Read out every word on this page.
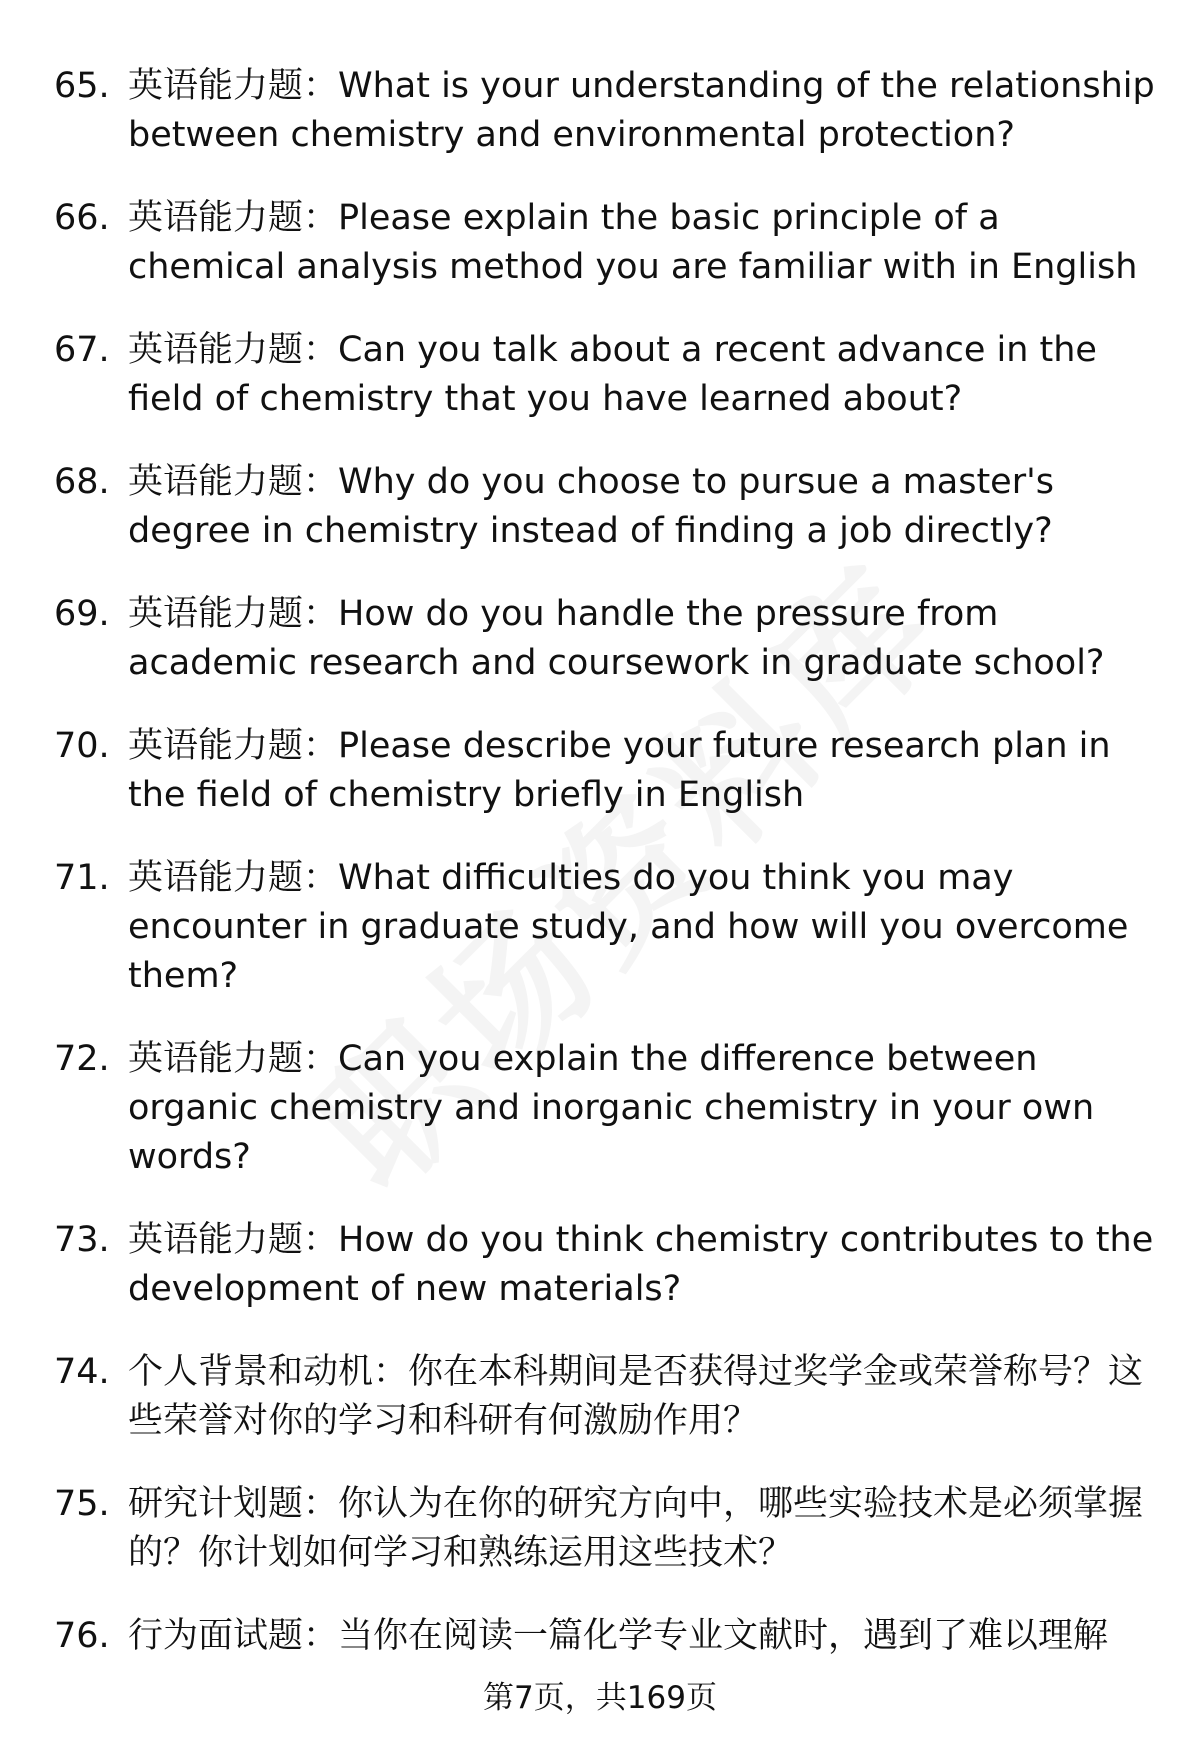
65. 英语能力题：What is your understanding of the relationship between chemistry and environmental protection?
66. 英语能力题：Please explain the basic principle of a chemical analysis method you are familiar with in English
67. 英语能力题：Can you talk about a recent advance in the field of chemistry that you have learned about?
68. 英语能力题：Why do you choose to pursue a master's degree in chemistry instead of finding a job directly?
69. 英语能力题：How do you handle the pressure from academic research and coursework in graduate school?
70. 英语能力题：Please describe your future research plan in the field of chemistry briefly in English
71. 英语能力题：What difficulties do you think you may encounter in graduate study, and how will you overcome them?
72. 英语能力题：Can you explain the difference between organic chemistry and inorganic chemistry in your own words?
73. 英语能力题：How do you think chemistry contributes to the development of new materials?
74. 个人背景和动机：你在本科期间是否获得过奖学金或荣誉称号？这些荣誉对你的学习和科研有何激励作用？
75. 研究计划题：你认为在你的研究方向中，哪些实验技术是必须掌握的？你计划如何学习和熟练运用这些技术？
76. 行为面试题：当你在阅读一篇化学专业文献时，遇到了难以理解
第7页，共169页
